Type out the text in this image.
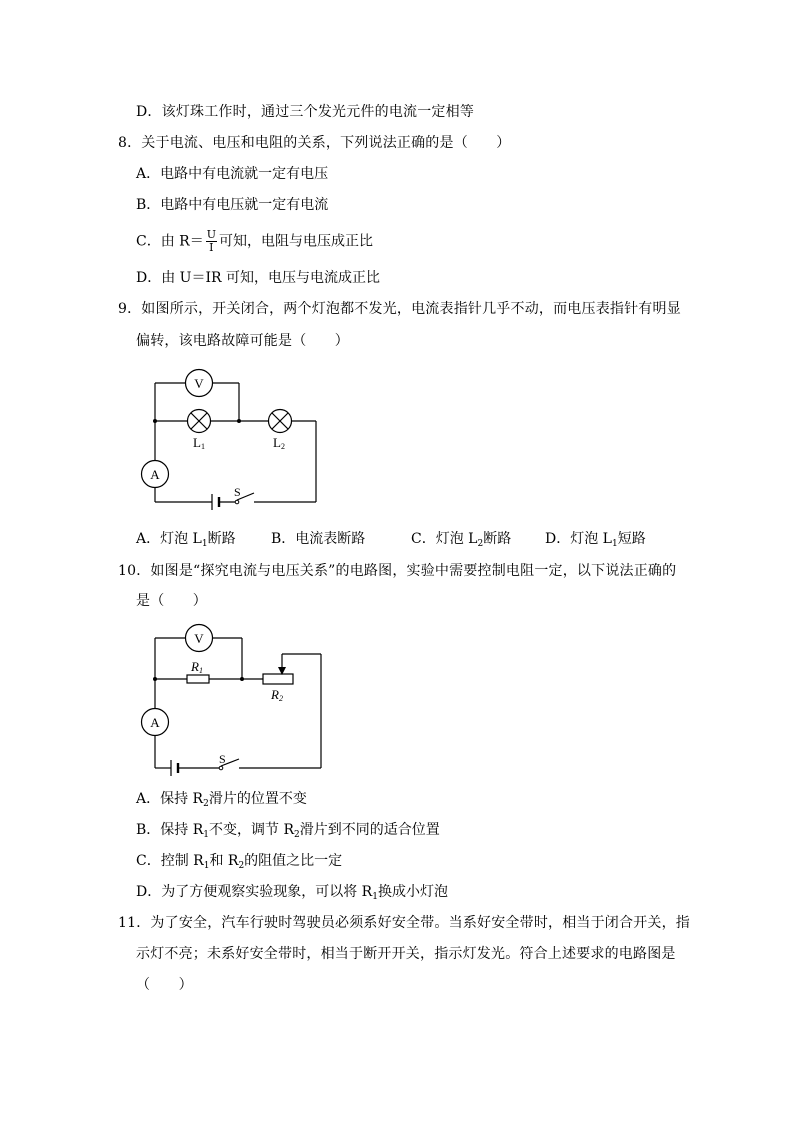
D．该灯珠工作时，通过三个发光元件的电流一定相等
8．关于电流、电压和电阻的关系，下列说法正确的是（　　）
A．电路中有电流就一定有电压
B．电路中有电压就一定有电流
C．由 $R= \frac{U}{I}$ 可知，电阻与电压成正比
D．由 U＝IR 可知，电压与电流成正比
9．如图所示，开关闭合，两个灯泡都不发光，电流表指针几乎不动，而电压表指针有明显
偏转，该电路故障可能是（　　）
V
A
L1	L2
S
A．灯泡 $L_1$断路	B．电流表断路	C．灯泡 $L_2$断路 D．灯泡 $L_1$短路
10．如图是“探究电流与电压关系”的电路图，实验中需要控制电阻一定，以下说法正确的
是（　　）
V
A
R1
R2
S
A．保持 $R_2$滑片的位置不变
B．保持 $R_1$不变，调节 $R_2$滑片到不同的适合位置
C．控制 $R_1$和 $R_2$的阻值之比一定
D．为了方便观察实验现象，可以将 $R_1$换成小灯泡
11．为了安全，汽车行驶时驾驶员必须系好安全带。当系好安全带时，相当于闭合开关，指
示灯不亮；未系好安全带时，相当于断开开关，指示灯发光。符合上述要求的电路图是
（　　）
